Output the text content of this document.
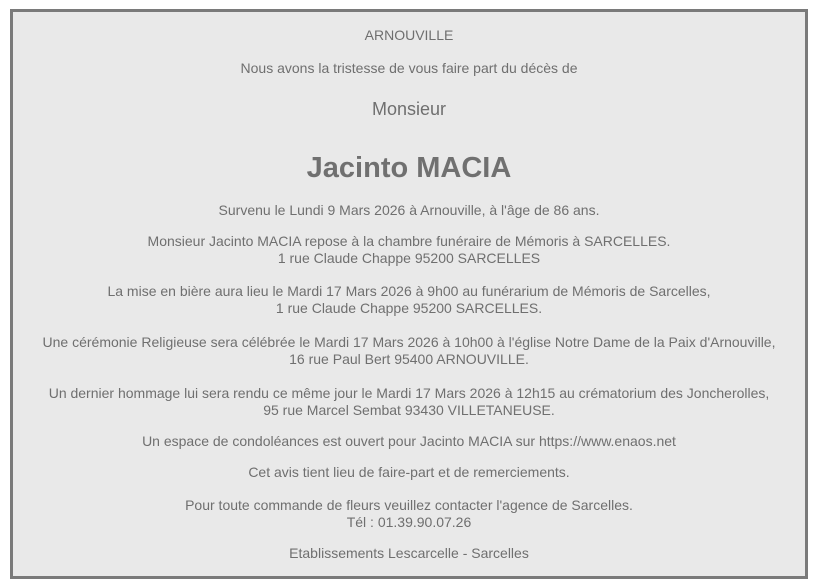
ARNOUVILLE
Nous avons la tristesse de vous faire part du décès de
Monsieur
Jacinto MACIA
Survenu le Lundi 9 Mars 2026 à Arnouville, à l'âge de 86 ans.
Monsieur Jacinto MACIA repose à la chambre funéraire de Mémoris à SARCELLES.
1 rue Claude Chappe 95200 SARCELLES
La mise en bière aura lieu le Mardi 17 Mars 2026 à 9h00 au funérarium de Mémoris de Sarcelles,
1 rue Claude Chappe 95200 SARCELLES.
Une cérémonie Religieuse sera célébrée le Mardi 17 Mars 2026 à 10h00 à l'église Notre Dame de la Paix d'Arnouville,
16 rue Paul Bert 95400 ARNOUVILLE.
Un dernier hommage lui sera rendu ce même jour le Mardi 17 Mars 2026 à 12h15 au crématorium des Joncherolles,
95 rue Marcel Sembat 93430 VILLETANEUSE.
Un espace de condoléances est ouvert pour Jacinto MACIA sur https://www.enaos.net
Cet avis tient lieu de faire-part et de remerciements.
Pour toute commande de fleurs veuillez contacter l'agence de Sarcelles.
Tél : 01.39.90.07.26
Etablissements Lescarcelle - Sarcelles
